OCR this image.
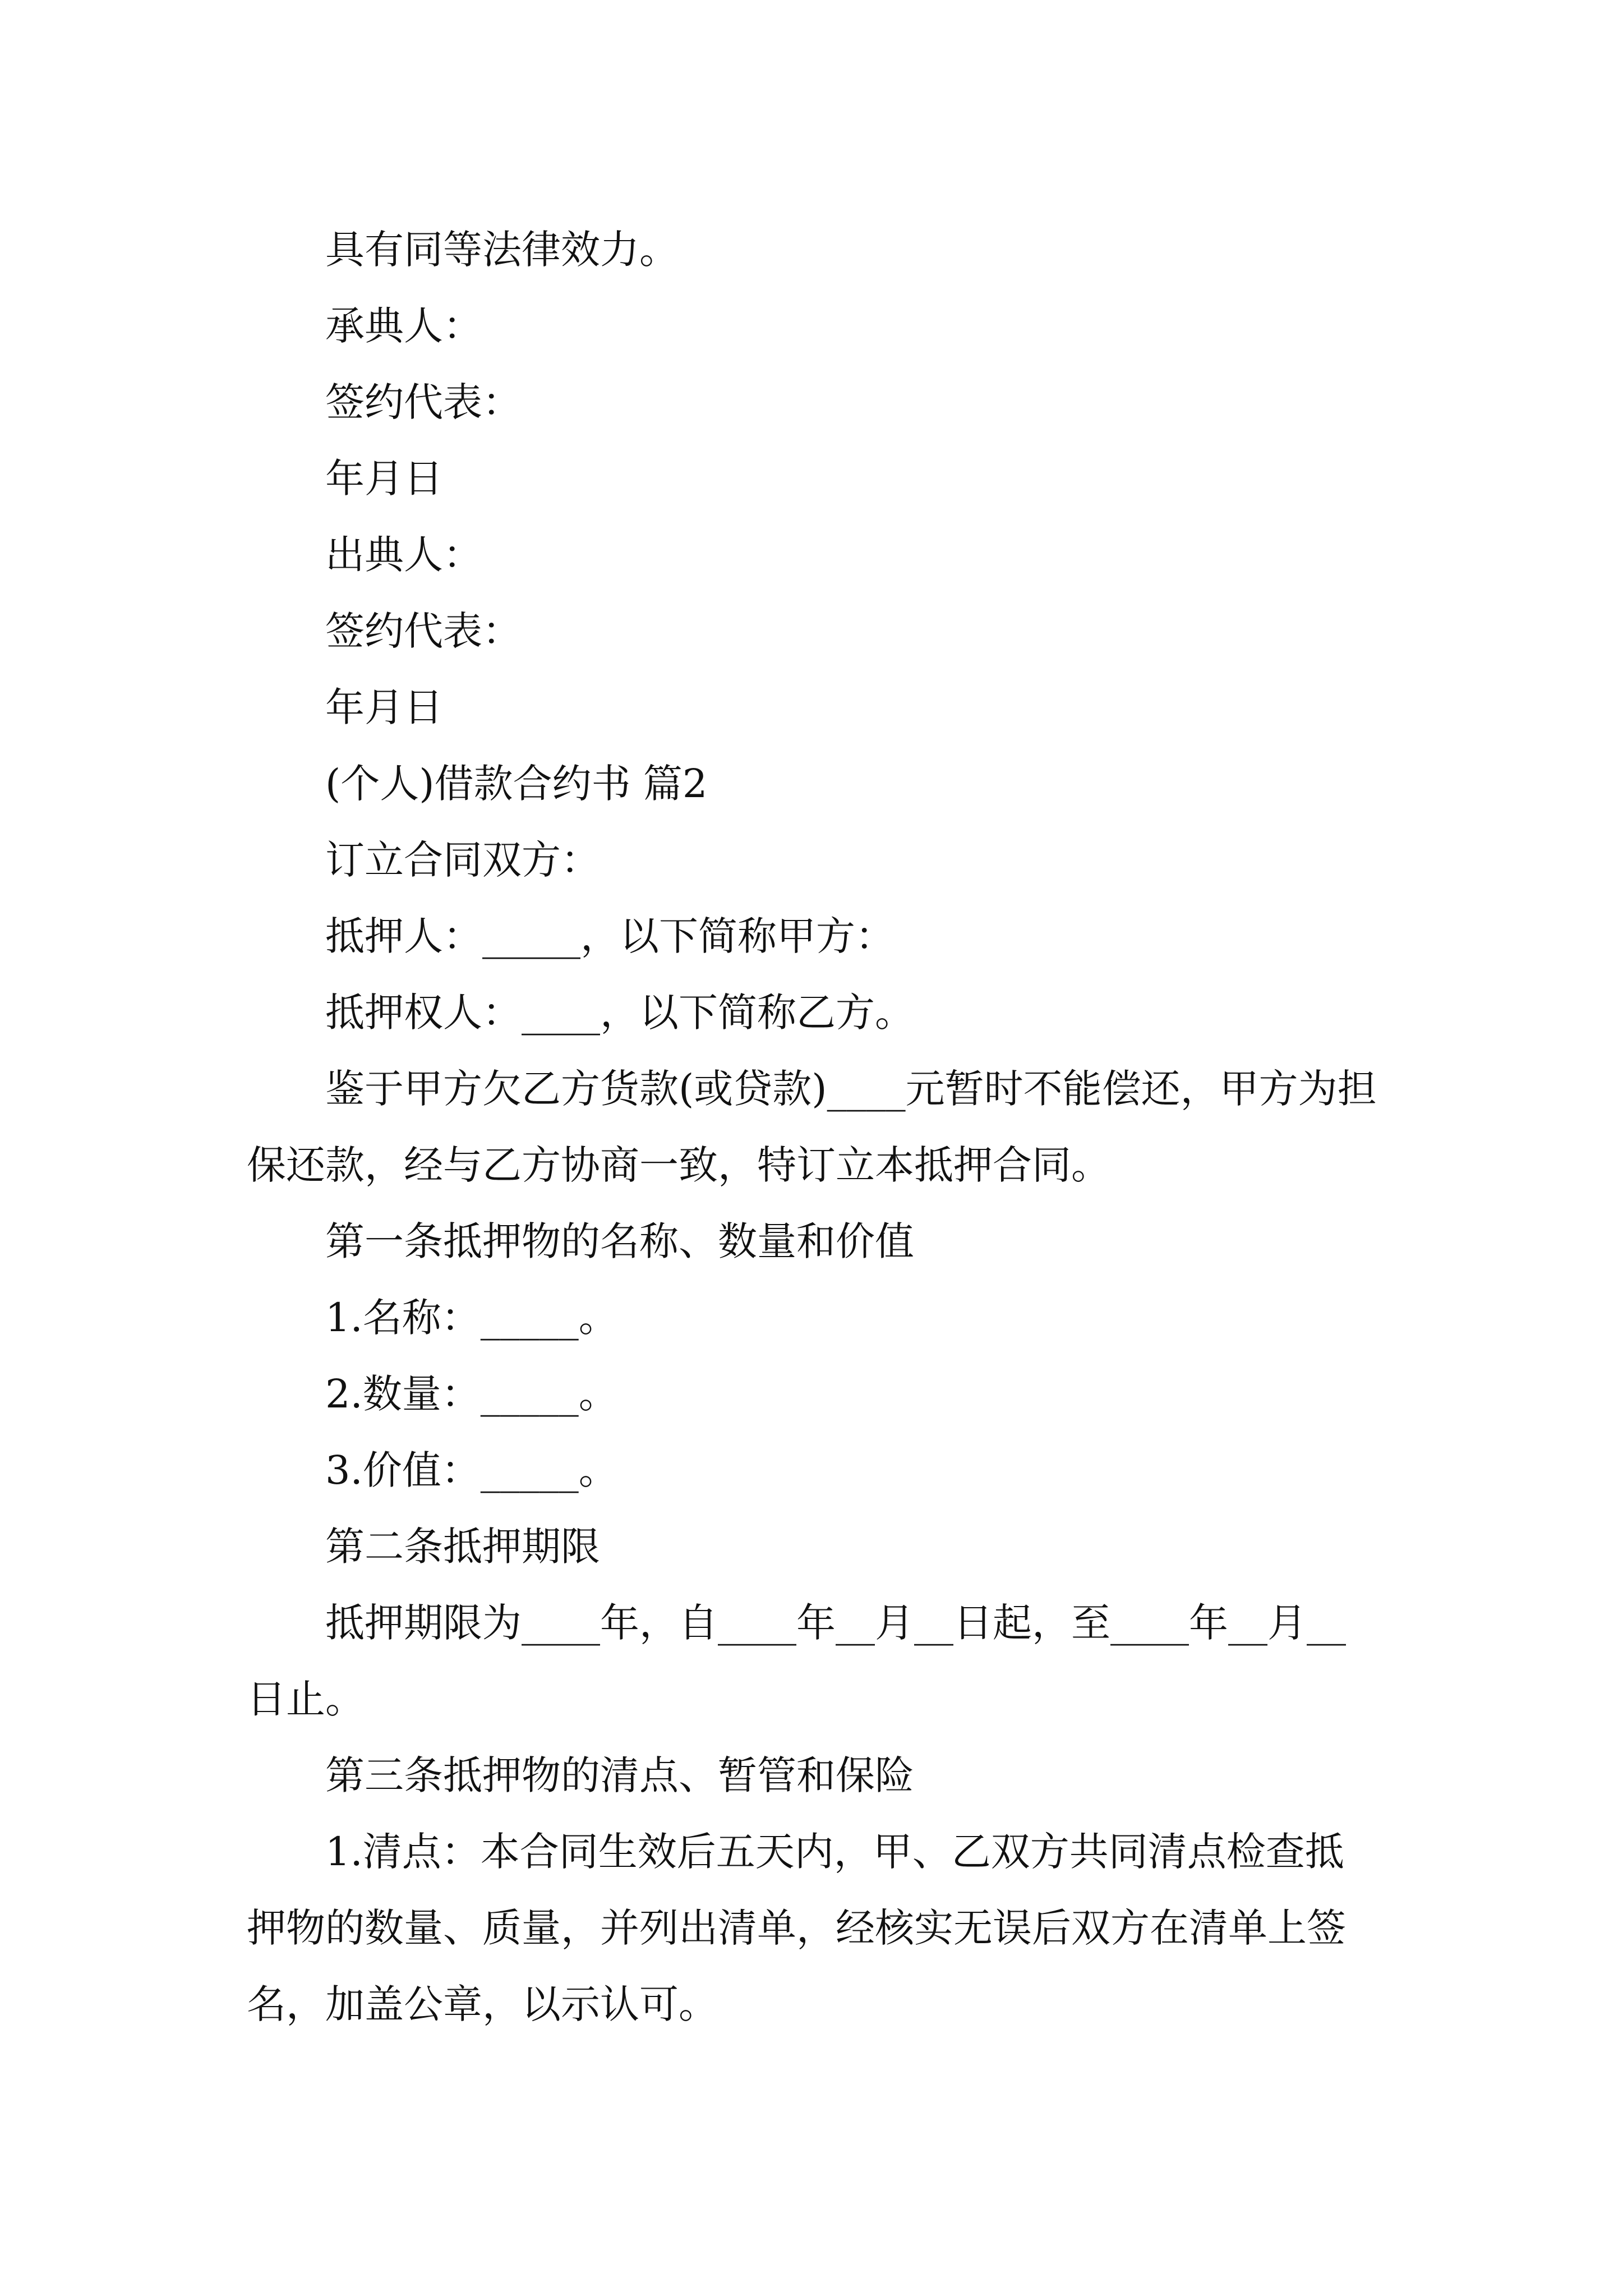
具有同等法律效力。

承典人：

签约代表：

年月日

出典人：

签约代表：

年月日

(个人)借款合约书 篇2

订立合同双方：

抵押人：_____，以下简称甲方：

抵押权人：____，以下简称乙方。

鉴于甲方欠乙方货款(或贷款)____元暂时不能偿还，甲方为担保还款，经与乙方协商一致，特订立本抵押合同。

第一条抵押物的名称、数量和价值

1.名称：_____。

2.数量：_____。

3.价值：_____。

第二条抵押期限

抵押期限为____年，自____年__月__日起，至____年__月__日止。

第三条抵押物的清点、暂管和保险

1.清点：本合同生效后五天内，甲、乙双方共同清点检查抵押物的数量、质量，并列出清单，经核实无误后双方在清单上签名，加盖公章，以示认可。
